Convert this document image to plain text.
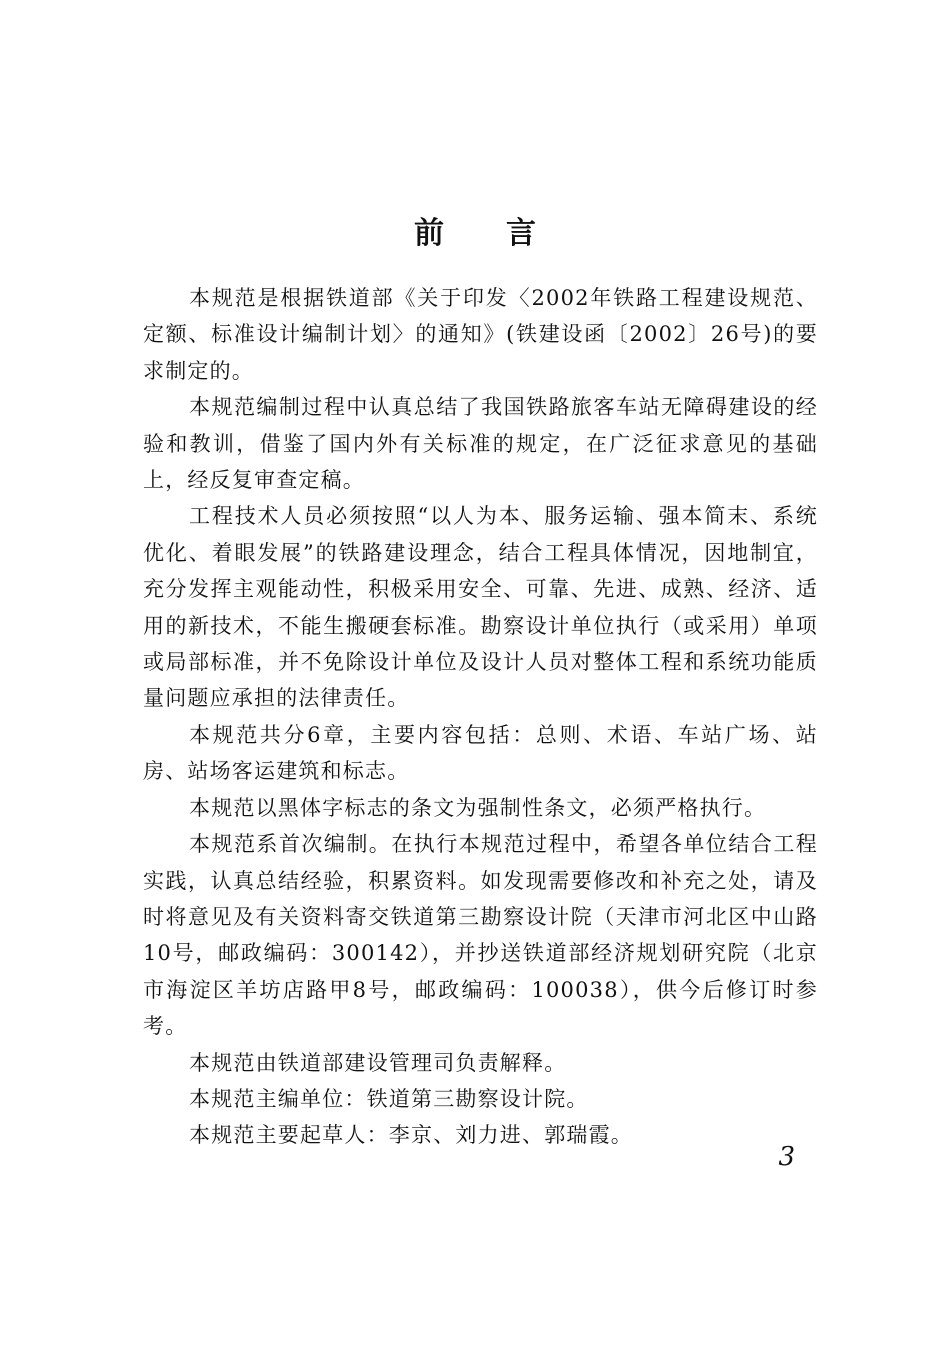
前言

本规范是根据铁道部《关于印发〈2002年铁路工程建设规范、定额、标准设计编制计划〉的通知》(铁建设函〔2002〕26号)的要求制定的。

本规范编制过程中认真总结了我国铁路旅客车站无障碍建设的经验和教训，借鉴了国内外有关标准的规定，在广泛征求意见的基础上，经反复审查定稿。

工程技术人员必须按照“以人为本、服务运输、强本简末、系统优化、着眼发展”的铁路建设理念，结合工程具体情况，因地制宜，充分发挥主观能动性，积极采用安全、可靠、先进、成熟、经济、适用的新技术，不能生搬硬套标准。勘察设计单位执行（或采用）单项或局部标准，并不免除设计单位及设计人员对整体工程和系统功能质量问题应承担的法律责任。

本规范共分6章，主要内容包括：总则、术语、车站广场、站房、站场客运建筑和标志。

本规范以黑体字标志的条文为强制性条文，必须严格执行。

本规范系首次编制。在执行本规范过程中，希望各单位结合工程实践，认真总结经验，积累资料。如发现需要修改和补充之处，请及时将意见及有关资料寄交铁道第三勘察设计院（天津市河北区中山路10号，邮政编码：300142），并抄送铁道部经济规划研究院（北京市海淀区羊坊店路甲8号，邮政编码：100038），供今后修订时参考。

本规范由铁道部建设管理司负责解释。

本规范主编单位：铁道第三勘察设计院。

本规范主要起草人：李京、刘力进、郭瑞霞。

3
